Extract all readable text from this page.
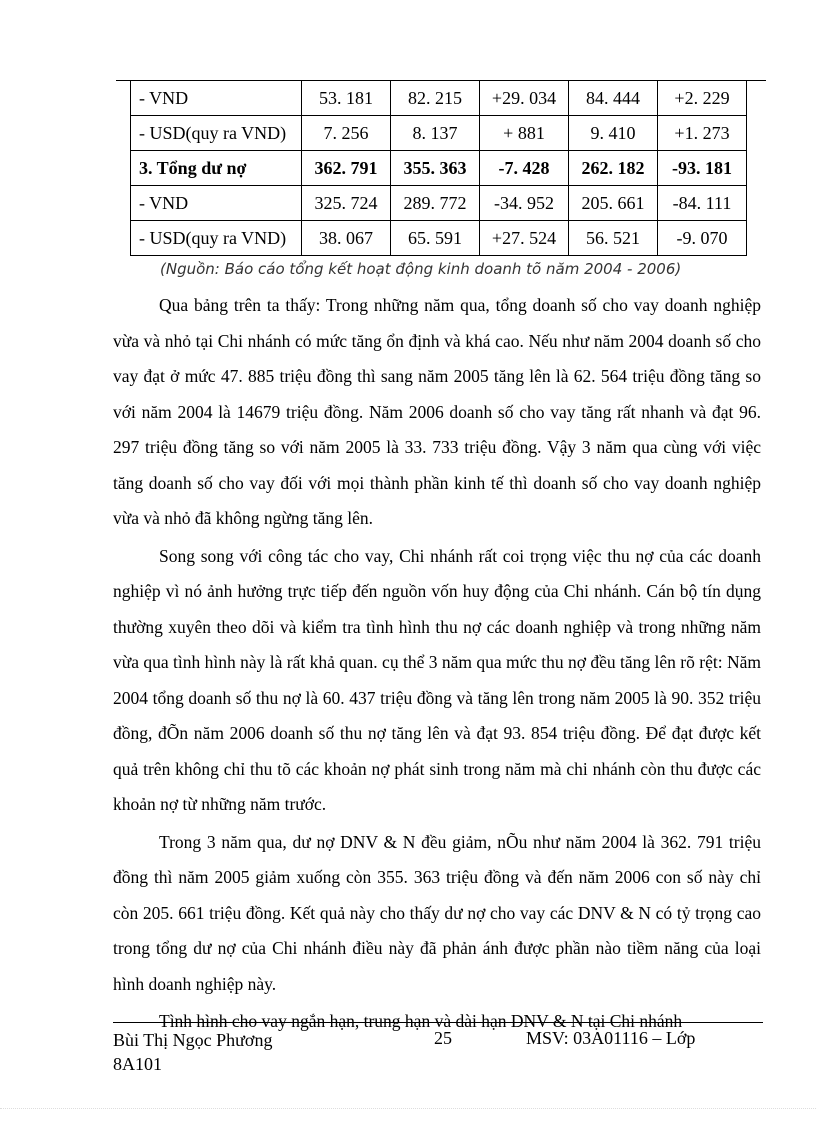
- VND	53. 181	82. 215	+29. 034	84. 444	+2. 229
- USD(quy ra VND)	7. 256	8. 137	+ 881	9. 410	+1. 273
3. Tổng dư nợ	362. 791	355. 363	-7. 428	262. 182	-93. 181
- VND	325. 724	289. 772	-34. 952	205. 661	-84. 111
- USD(quy ra VND)	38. 067	65. 591	+27. 524	56. 521	-9. 070
(Nguồn: Báo cáo tổng kết hoạt động kinh doanh tõ năm 2004 - 2006)

Qua bảng trên ta thấy: Trong những năm qua, tổng doanh số cho vay doanh nghiệp vừa và nhỏ tại Chi nhánh có mức tăng ổn định và khá cao. Nếu như năm 2004 doanh số cho vay đạt ở mức 47. 885 triệu đồng thì sang năm 2005 tăng lên là 62. 564 triệu đồng tăng so với năm 2004 là 14679 triệu đồng. Năm 2006 doanh số cho vay tăng rất nhanh và đạt 96. 297 triệu đồng tăng so với năm 2005 là 33. 733 triệu đồng. Vậy 3 năm qua cùng với việc tăng doanh số cho vay đối với mọi thành phần kinh tế thì doanh số cho vay doanh nghiệp vừa và nhỏ đã không ngừng tăng lên.

Song song với công tác cho vay, Chi nhánh rất coi trọng việc thu nợ của các doanh nghiệp vì nó ảnh hưởng trực tiếp đến nguồn vốn huy động của Chi nhánh. Cán bộ tín dụng thường xuyên theo dõi và kiểm tra tình hình thu nợ các doanh nghiệp và trong những năm vừa qua tình hình này là rất khả quan. cụ thể 3 năm qua mức thu nợ đều tăng lên rõ rệt: Năm 2004 tổng doanh số thu nợ là 60. 437 triệu đồng và tăng lên trong năm 2005 là 90. 352 triệu đồng, đÕn năm 2006 doanh số thu nợ tăng lên và đạt 93. 854 triệu đồng. Để đạt được kết quả trên không chỉ thu tõ các khoản nợ phát sinh trong năm mà chi nhánh còn thu được các khoản nợ từ những năm trước.

Trong 3 năm qua, dư nợ DNV & N đều giảm, nÕu như năm 2004 là 362. 791 triệu đồng thì năm 2005 giảm xuống còn 355. 363 triệu đồng và đến năm 2006 con số này chỉ còn 205. 661 triệu đồng. Kết quả này cho thấy dư nợ cho vay các DNV & N có tỷ trọng cao trong tổng dư nợ của Chi nhánh điều này đã phản ánh được phần nào tiềm năng của loại hình doanh nghiệp này.

Tình hình cho vay ngắn hạn, trung hạn và dài hạn DNV & N tại Chi nhánh

Bùi Thị Ngọc Phương 8A101
25	MSV: 03A01116 – Lớp
